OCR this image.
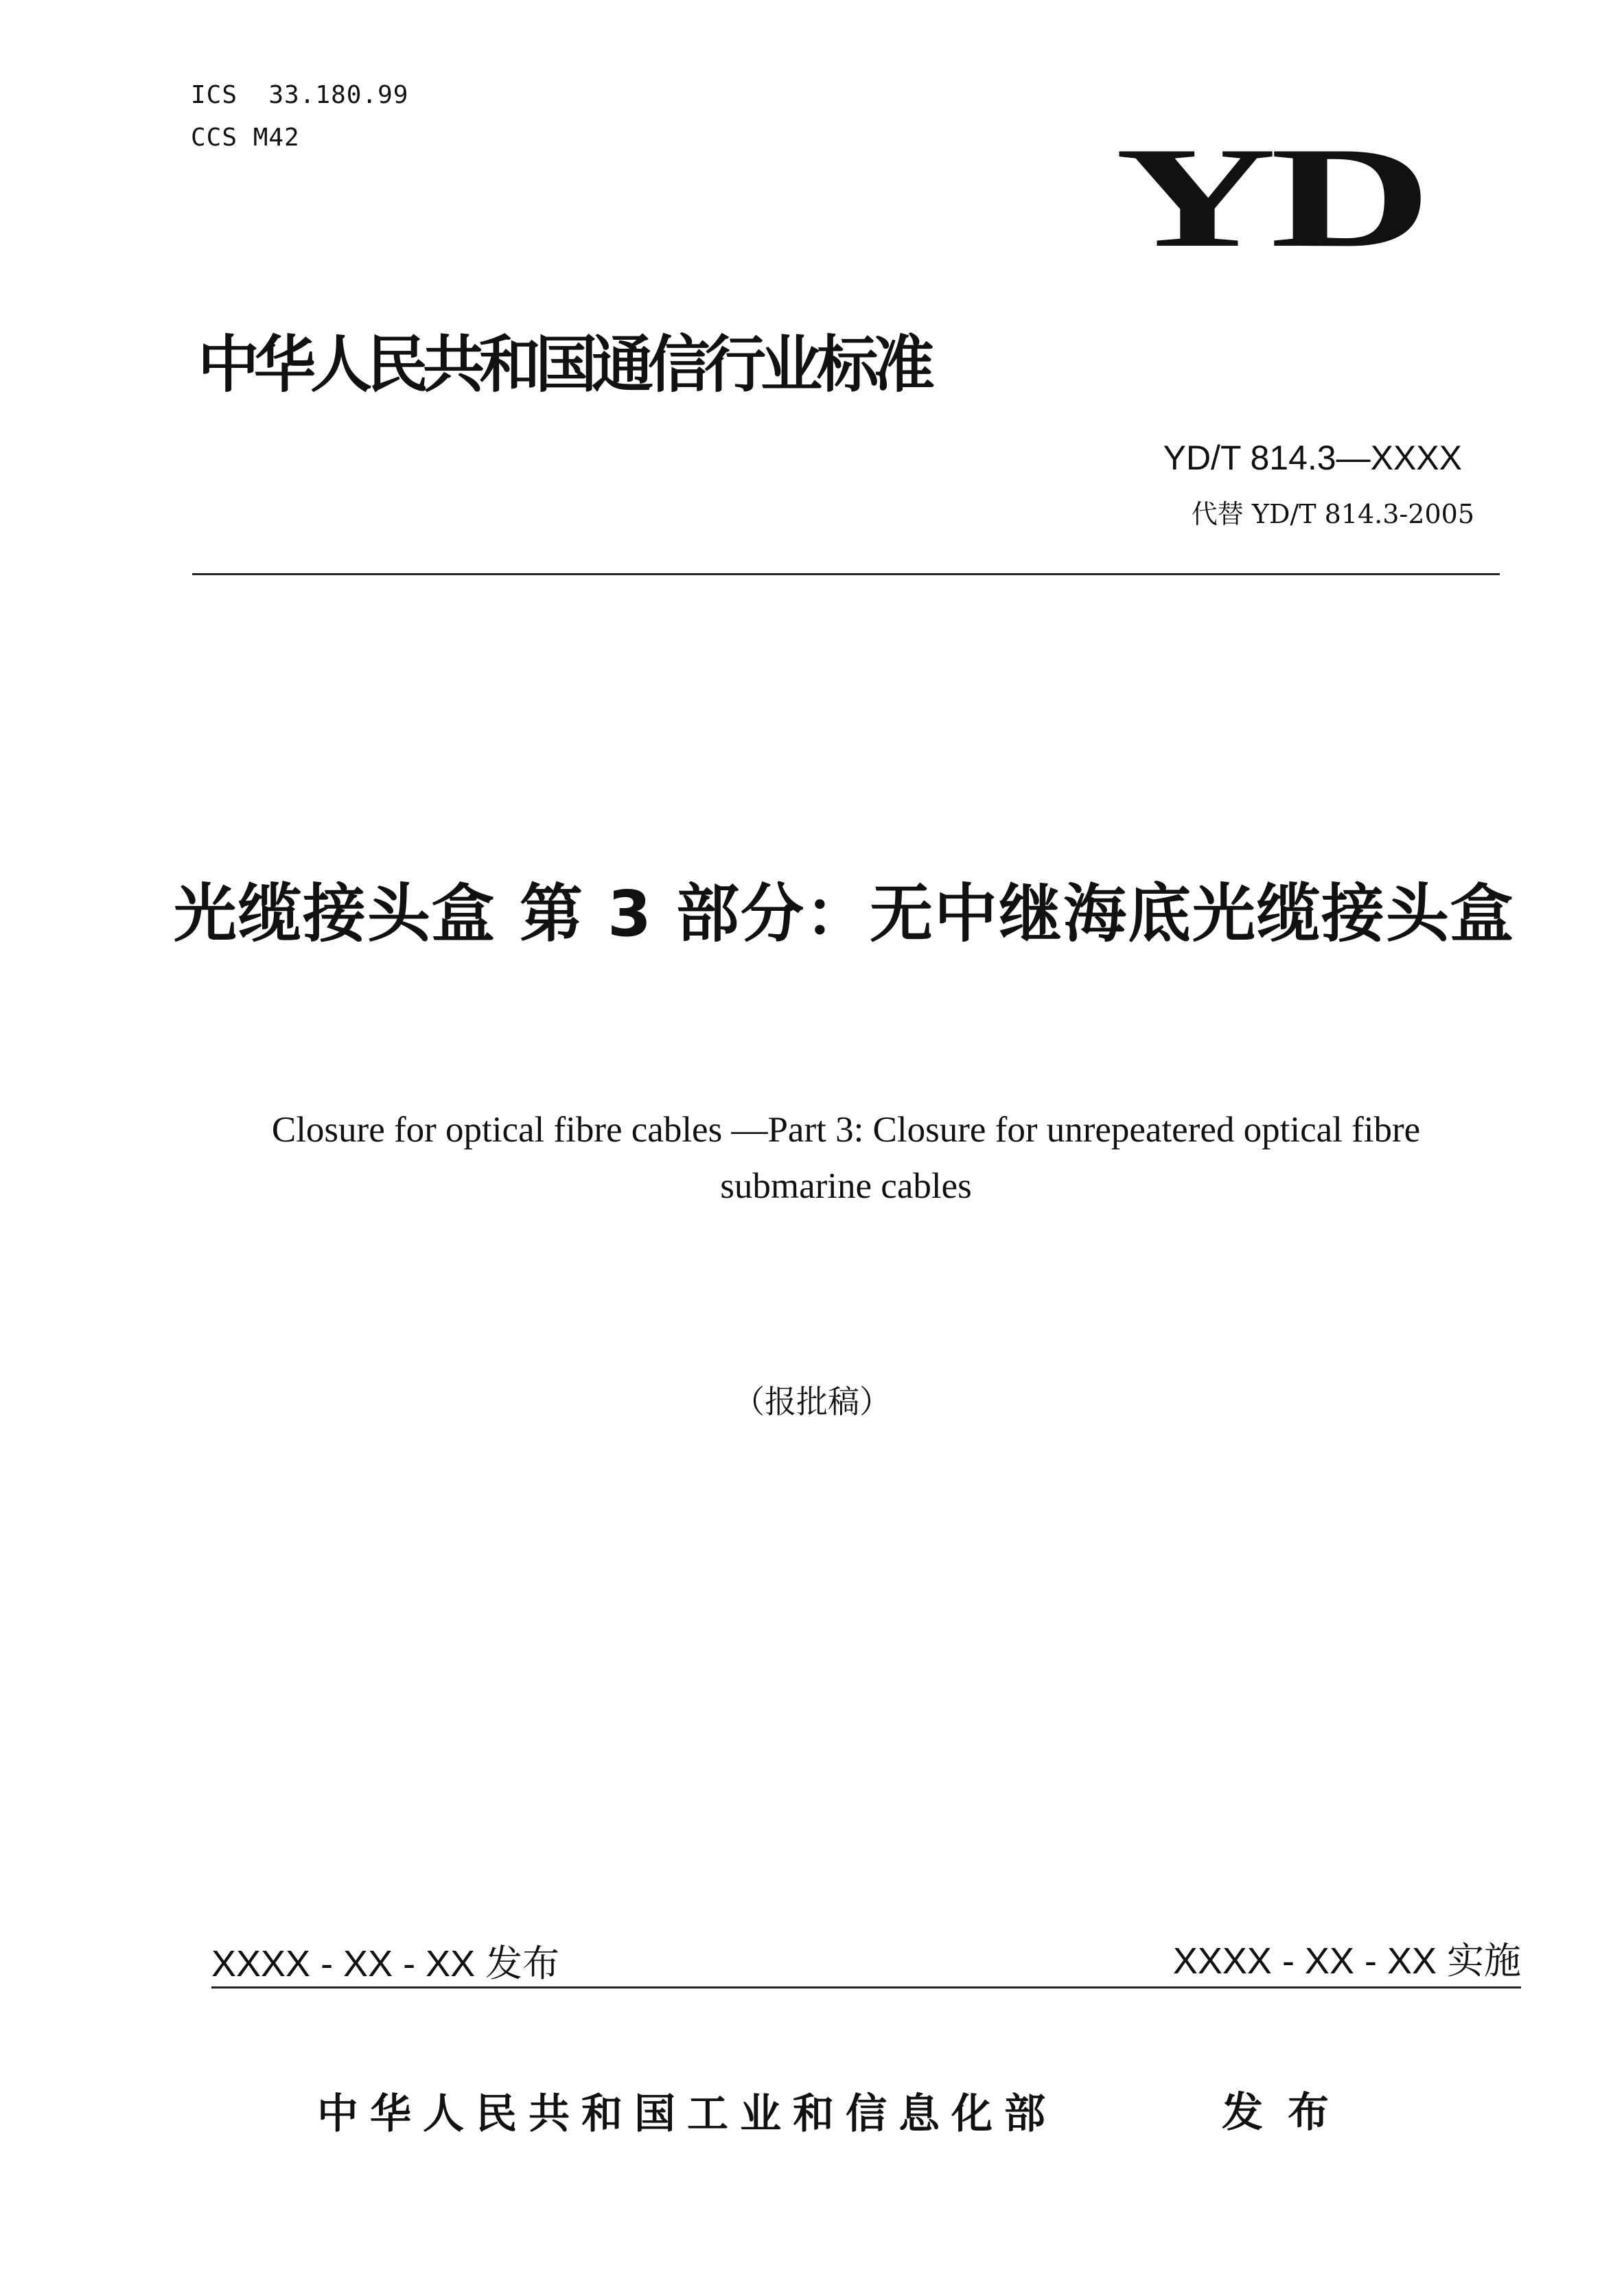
ICS  33.180.99
CCS M42	YD
中华人民共和国通信行业标准
YD/T 814.3—XXXX
代替 YD/T 814.3-2005
光缆接头盒 第 3 部分：无中继海底光缆接头盒
Closure for optical fibre cables —Part 3: Closure for unrepeatered optical fibre submarine cables
（报批稿）
XXXX - XX - XX 发布	XXXX - XX - XX 实施
中华人民共和国工业和信息化部	发布
